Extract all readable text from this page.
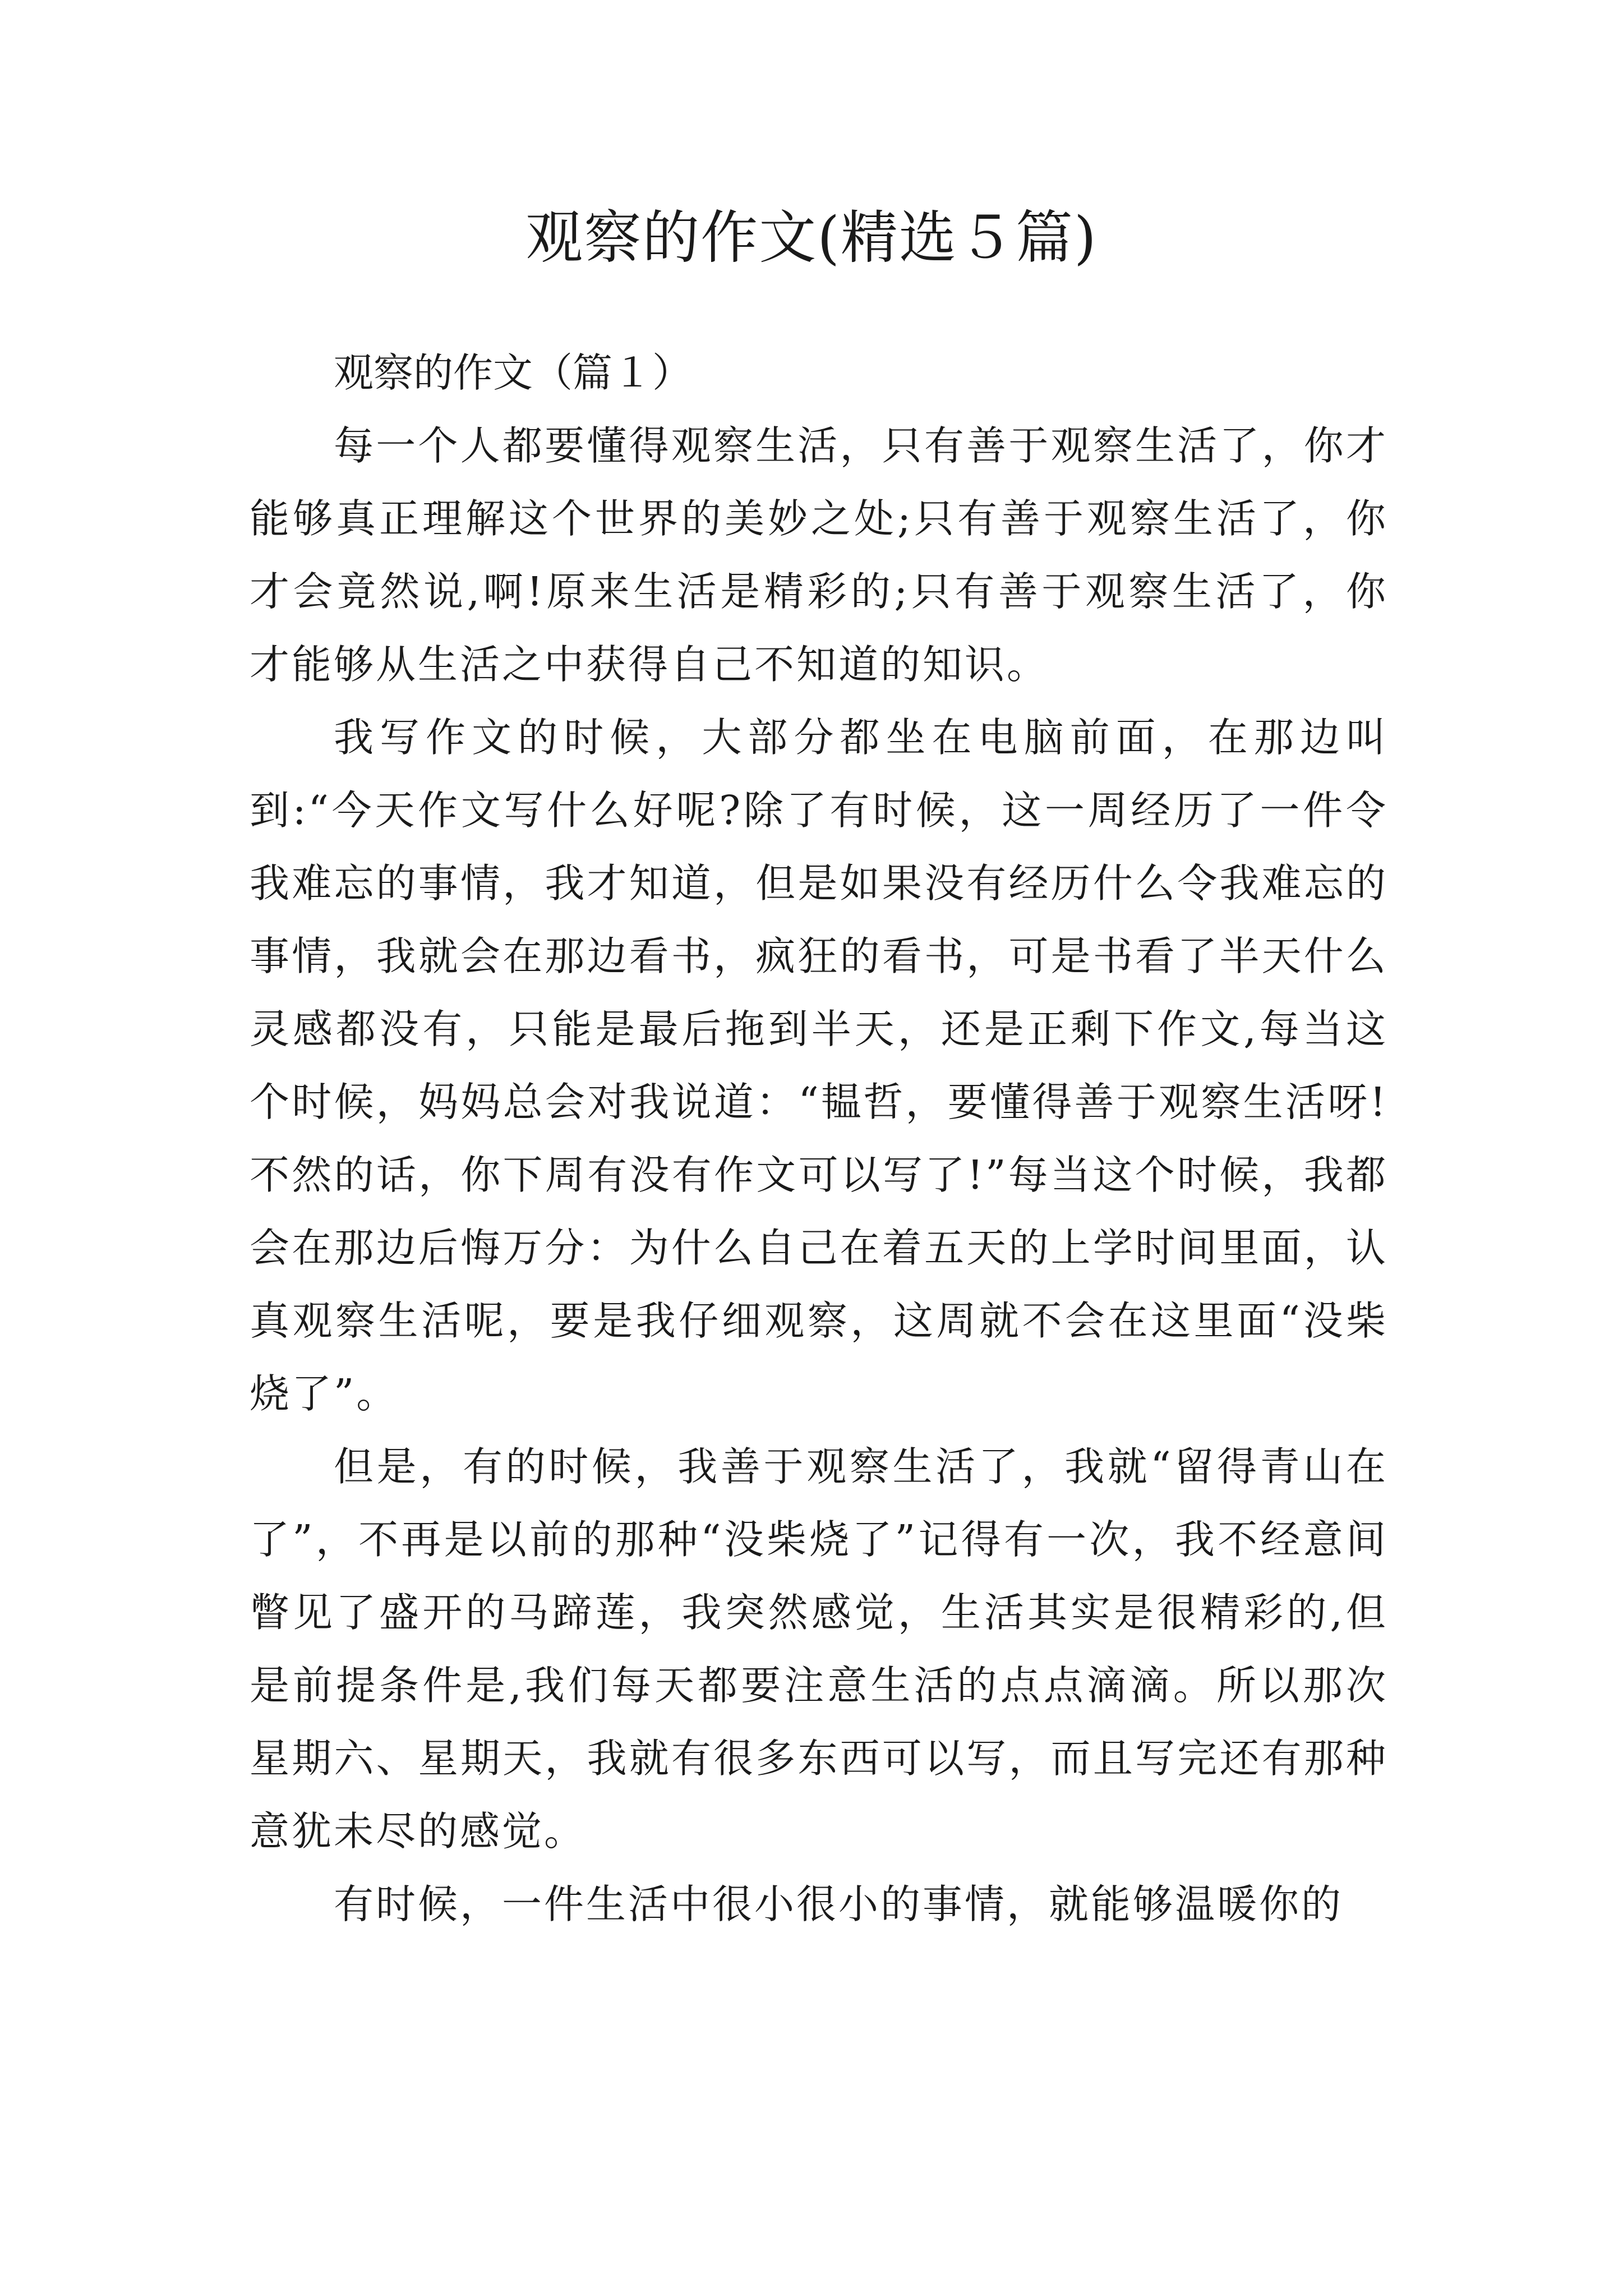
观察的作文(精选５篇)
观察的作文（篇１）

每一个人都要懂得观察生活，只有善于观察生活了，你才能够真正理解这个世界的美妙之处;只有善于观察生活了，你才会竟然说,啊!原来生活是精彩的;只有善于观察生活了，你才能够从生活之中获得自己不知道的知识。

我写作文的时候，大部分都坐在电脑前面，在那边叫到:“今天作文写什么好呢?除了有时候，这一周经历了一件令我难忘的事情，我才知道，但是如果没有经历什么令我难忘的事情，我就会在那边看书，疯狂的看书，可是书看了半天什么灵感都没有，只能是最后拖到半天，还是正剩下作文,每当这个时候，妈妈总会对我说道：“韫哲，要懂得善于观察生活呀!不然的话，你下周有没有作文可以写了!”每当这个时候，我都会在那边后悔万分：为什么自己在着五天的上学时间里面，认真观察生活呢，要是我仔细观察，这周就不会在这里面“没柴烧了”。

但是，有的时候，我善于观察生活了，我就“留得青山在了”，不再是以前的那种“没柴烧了”记得有一次，我不经意间瞥见了盛开的马蹄莲，我突然感觉，生活其实是很精彩的,但是前提条件是,我们每天都要注意生活的点点滴滴。所以那次星期六、星期天，我就有很多东西可以写，而且写完还有那种意犹未尽的感觉。

有时候，一件生活中很小很小的事情，就能够温暖你的
